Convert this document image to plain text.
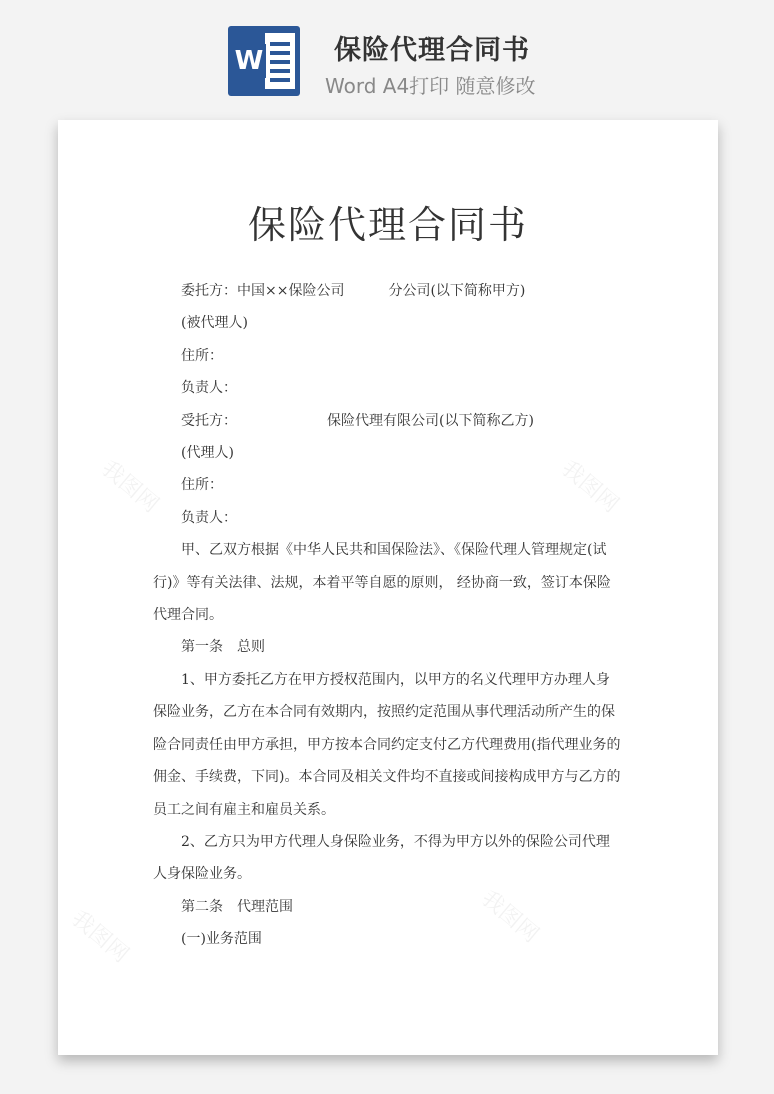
W	保险代理合同书
Word A4打印 随意修改
我图网	我图网
我图网	我图网
保险代理合同书

委托方：中国××保险公司	分公司(以下简称甲方)

(被代理人)

住所：

负责人：

受托方：	保险代理有限公司(以下简称乙方)

(代理人)

住所：

负责人：

甲、乙双方根据《中华人民共和国保险法》、《保险代理人管理规定(试行)》等有关法律、法规，本着平等自愿的原则， 经协商一致，签订本保险代理合同。

第一条　总则

1、甲方委托乙方在甲方授权范围内，以甲方的名义代理甲方办理人身保险业务，乙方在本合同有效期内，按照约定范围从事代理活动所产生的保险合同责任由甲方承担，甲方按本合同约定支付乙方代理费用(指代理业务的佣金、手续费，下同)。本合同及相关文件均不直接或间接构成甲方与乙方的员工之间有雇主和雇员关系。

2、乙方只为甲方代理人身保险业务，不得为甲方以外的保险公司代理人身保险业务。

第二条　代理范围

(一)业务范围
